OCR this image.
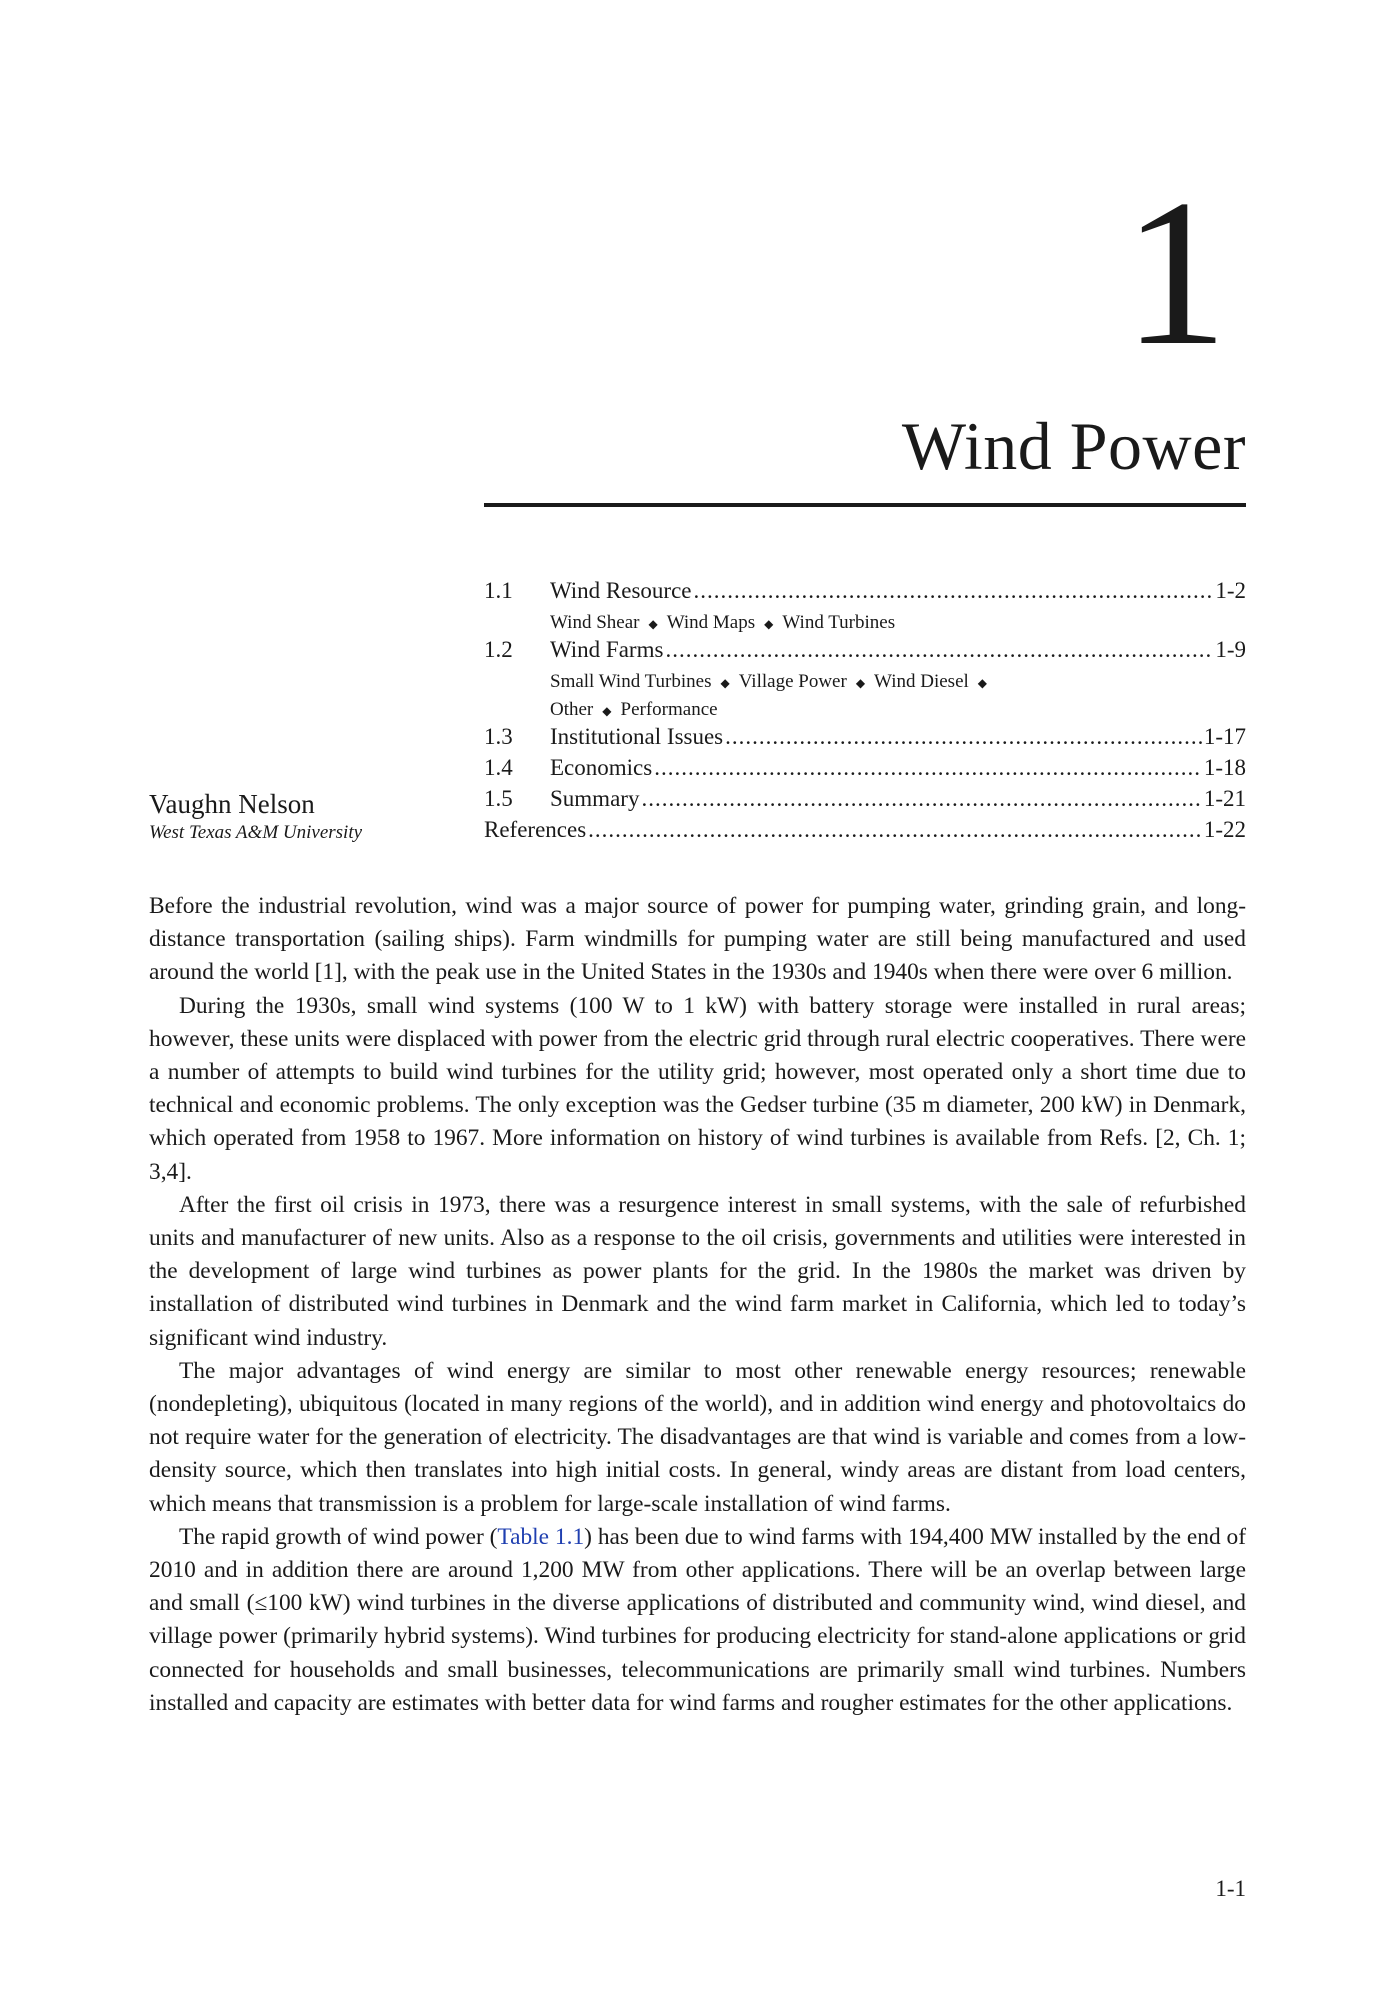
1
Wind Power
1.1	Wind Resource .....	1-2
Wind Shear ◆ Wind Maps ◆ Wind Turbines
1.2	Wind Farms .....	1-9
Small Wind Turbines ◆ Village Power ◆ Wind Diesel ◆
Other ◆ Performance
1.3	Institutional Issues .....	1-17
1.4	Economics .....	1-18
1.5	Summary .....	1-21
References .....	1-22
Vaughn Nelson
West Texas A&M University

Before the industrial revolution, wind was a major source of power for pumping water, grinding grain, and long-distance transportation (sailing ships). Farm windmills for pumping water are still being manufactured and used around the world [1], with the peak use in the United States in the 1930s and 1940s when there were over 6 million.

During the 1930s, small wind systems (100 W to 1 kW) with battery storage were installed in rural areas; however, these units were displaced with power from the electric grid through rural electric cooperatives. There were a number of attempts to build wind turbines for the utility grid; however, most operated only a short time due to technical and economic problems. The only exception was the Gedser turbine (35 m diameter, 200 kW) in Denmark, which operated from 1958 to 1967. More information on history of wind turbines is available from Refs. [2, Ch. 1; 3,4].

After the first oil crisis in 1973, there was a resurgence interest in small systems, with the sale of refurbished units and manufacturer of new units. Also as a response to the oil crisis, governments and utilities were interested in the development of large wind turbines as power plants for the grid. In the 1980s the market was driven by installation of distributed wind turbines in Denmark and the wind farm market in California, which led to today’s significant wind industry.

The major advantages of wind energy are similar to most other renewable energy resources; renewable (nondepleting), ubiquitous (located in many regions of the world), and in addition wind energy and photovoltaics do not require water for the generation of electricity. The disadvantages are that wind is variable and comes from a low-density source, which then translates into high initial costs. In general, windy areas are distant from load centers, which means that transmission is a problem for large-scale installation of wind farms.

The rapid growth of wind power (Table 1.1) has been due to wind farms with 194,400 MW installed by the end of 2010 and in addition there are around 1,200 MW from other applications. There will be an overlap between large and small (≤100 kW) wind turbines in the diverse applications of distributed and community wind, wind diesel, and village power (primarily hybrid systems). Wind turbines for producing electricity for stand-alone applications or grid connected for households and small businesses, telecommunications are primarily small wind turbines. Numbers installed and capacity are estimates with better data for wind farms and rougher estimates for the other applications.

1-1
